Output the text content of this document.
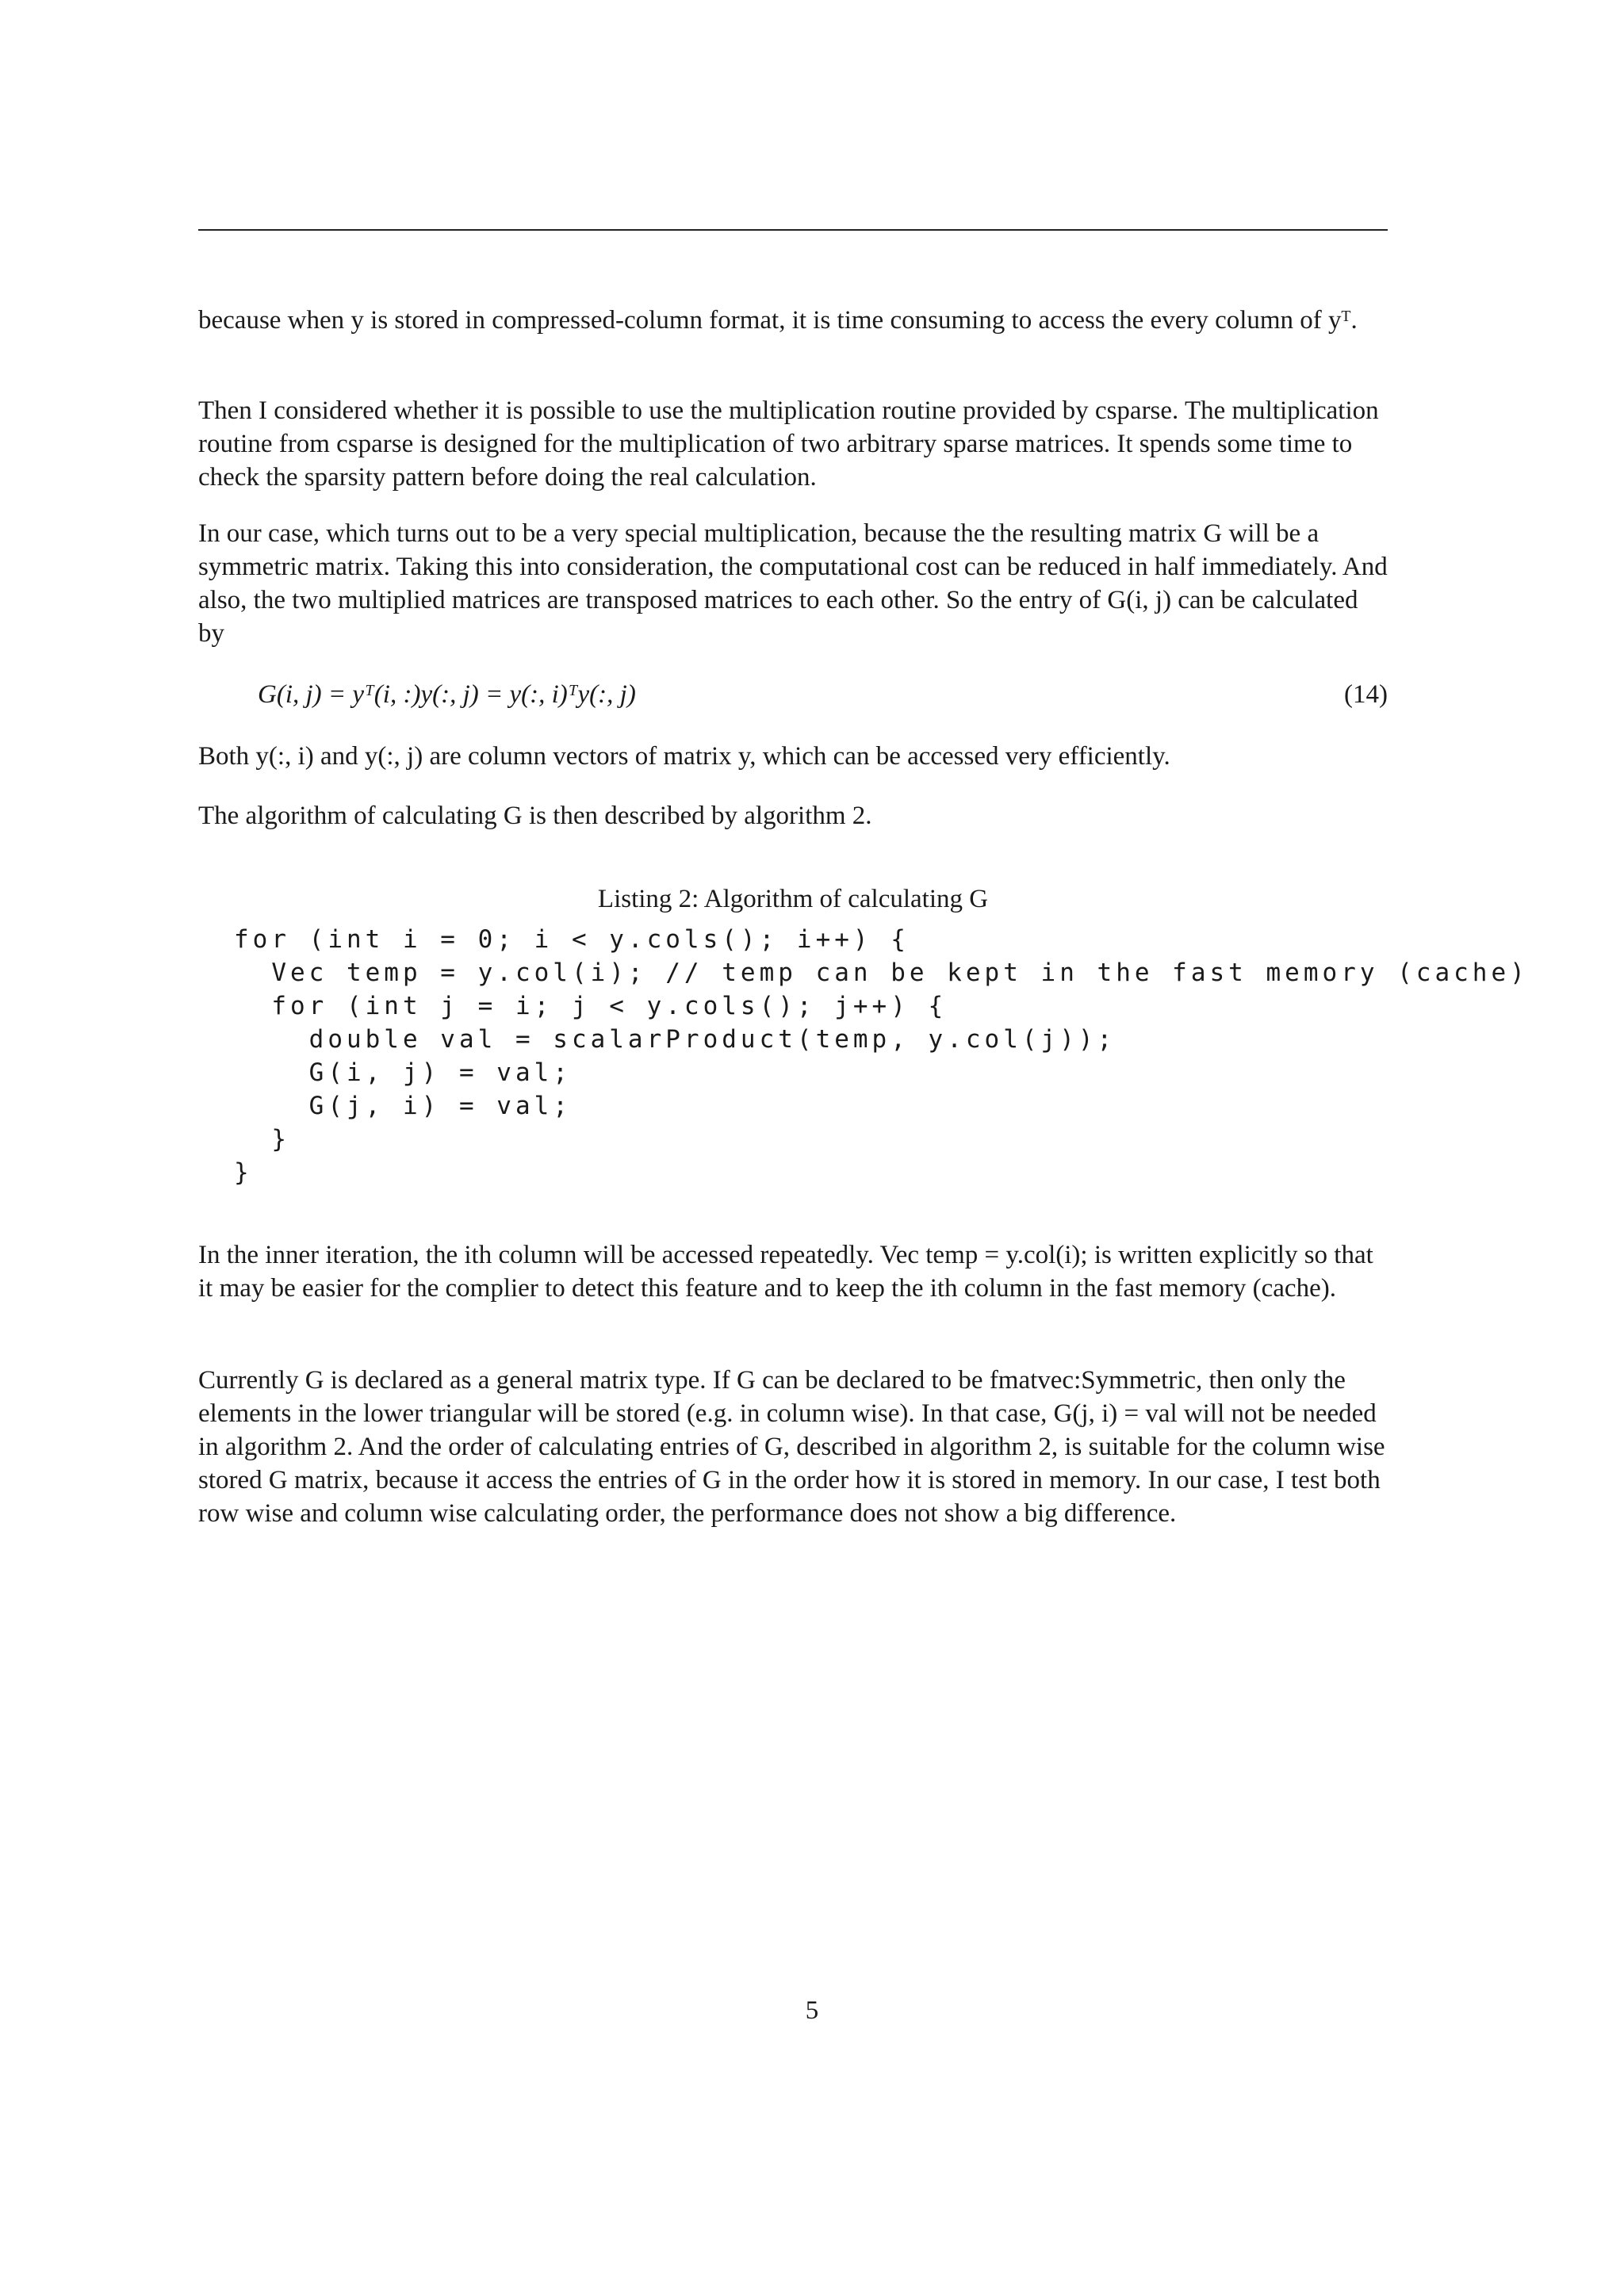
because when y is stored in compressed-column format, it is time consuming to access the every column of yᵀ.

Then I considered whether it is possible to use the multiplication routine provided by csparse. The multiplication routine from csparse is designed for the multiplication of two arbitrary sparse matrices. It spends some time to check the sparsity pattern before doing the real calculation.

In our case, which turns out to be a very special multiplication, because the the resulting matrix G will be a symmetric matrix. Taking this into consideration, the computational cost can be reduced in half immediately. And also, the two multiplied matrices are transposed matrices to each other. So the entry of G(i, j) can be calculated by

G(i, j) = yᵀ(i, :)y(:, j) = y(:, i)ᵀy(:, j)	(14)

Both y(:, i) and y(:, j) are column vectors of matrix y, which can be accessed very efficiently.

The algorithm of calculating G is then described by algorithm 2.

Listing 2: Algorithm of calculating G
for (int i = 0; i < y.cols(); i++) {
Vec temp = y.col(i); // temp can be kept in the fast memory (cache)
for (int j = i; j < y.cols(); j++) {
double val = scalarProduct(temp, y.col(j));
G(i, j) = val;
G(j, i) = val;
}
}

In the inner iteration, the ith column will be accessed repeatedly. Vec temp = y.col(i); is written explicitly so that it may be easier for the complier to detect this feature and to keep the ith column in the fast memory (cache).

Currently G is declared as a general matrix type. If G can be declared to be fmatvec:Symmetric, then only the elements in the lower triangular will be stored (e.g. in column wise). In that case, G(j, i) = val will not be needed in algorithm 2. And the order of calculating entries of G, described in algorithm 2, is suitable for the column wise stored G matrix, because it access the entries of G in the order how it is stored in memory. In our case, I test both row wise and column wise calculating order, the performance does not show a big difference.

5
